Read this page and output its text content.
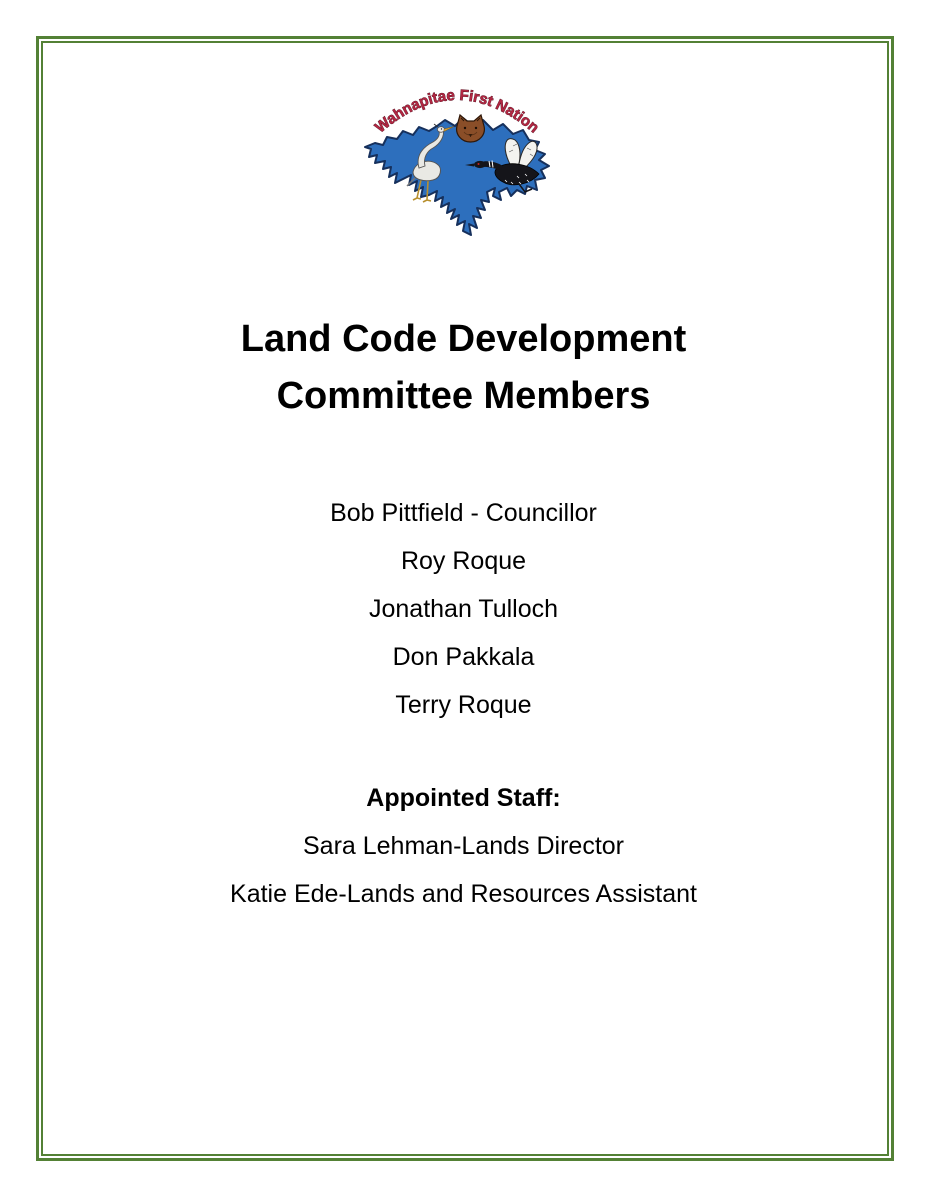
Wahnapitae First Nation
Land Code Development
Committee Members
Bob Pittfield - Councillor
Roy Roque
Jonathan Tulloch
Don Pakkala
Terry Roque
Appointed Staff:
Sara Lehman-Lands Director
Katie Ede-Lands and Resources Assistant
